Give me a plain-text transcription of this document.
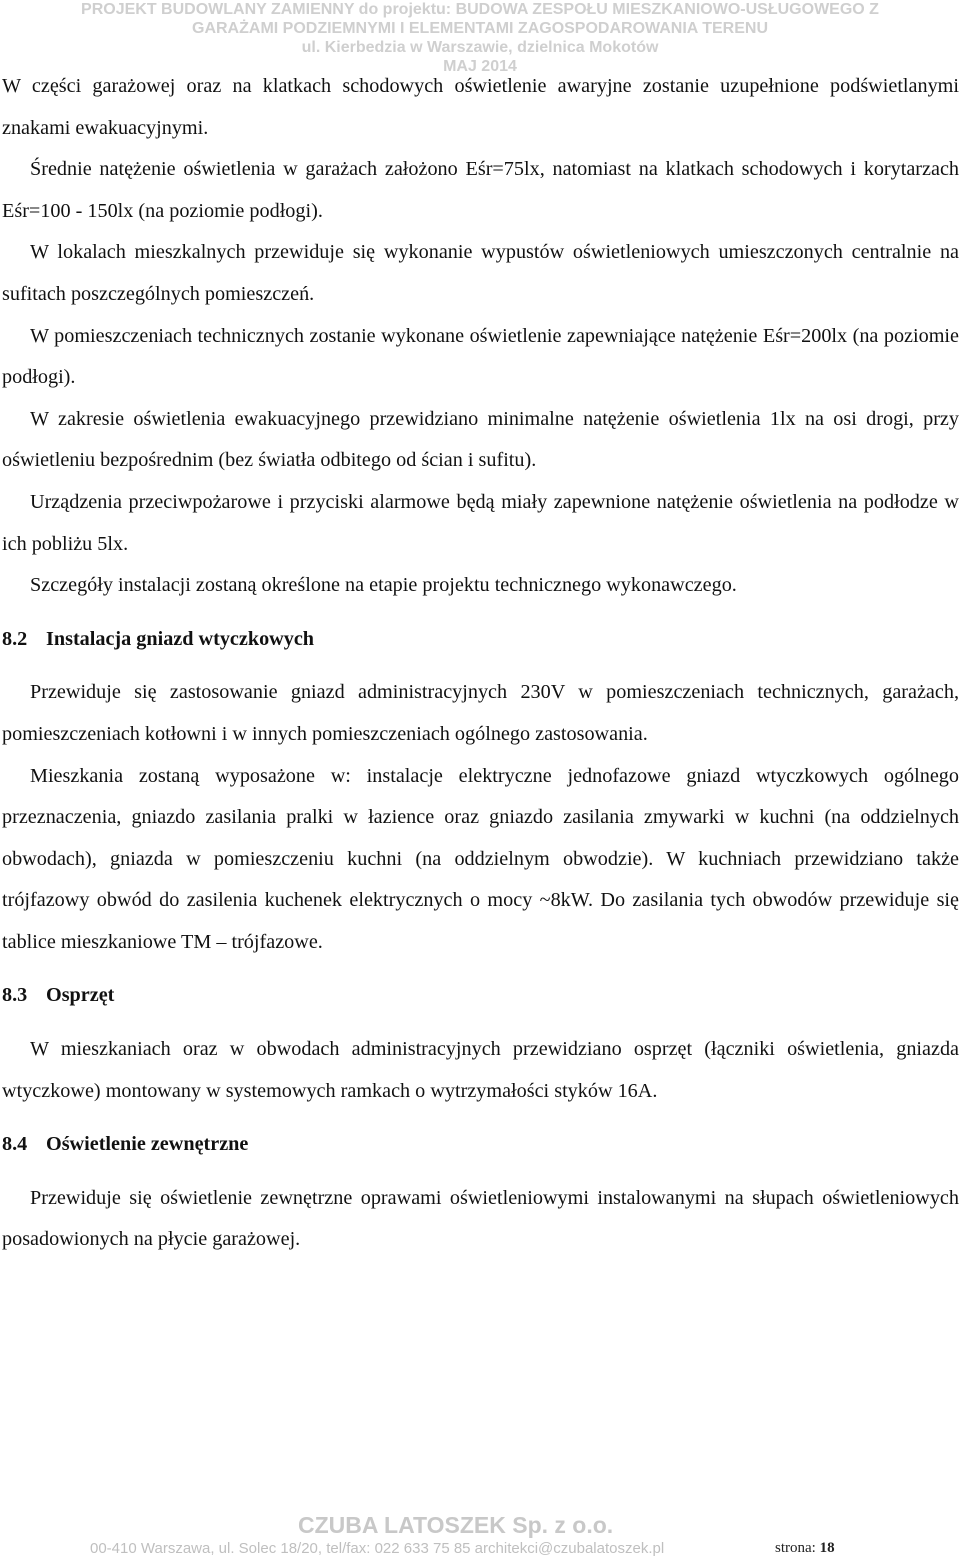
PROJEKT BUDOWLANY ZAMIENNY do projektu: BUDOWA ZESPOŁU MIESZKANIOWO-USŁUGOWEGO Z
GARAŻAMI PODZIEMNYMI I ELEMENTAMI ZAGOSPODAROWANIA TERENU
ul. Kierbedzia w Warszawie, dzielnica Mokotów
MAJ 2014

W części garażowej oraz na klatkach schodowych oświetlenie awaryjne zostanie uzupełnione podświetlanymi znakami ewakuacyjnymi.

Średnie natężenie oświetlenia w garażach założono Eśr=75lx, natomiast na klatkach schodowych i korytarzach Eśr=100 - 150lx (na poziomie podłogi).

W lokalach mieszkalnych przewiduje się wykonanie wypustów oświetleniowych umieszczonych centralnie na sufitach poszczególnych pomieszczeń.

W pomieszczeniach technicznych zostanie wykonane oświetlenie zapewniające natężenie Eśr=200lx (na poziomie podłogi).

W zakresie oświetlenia ewakuacyjnego przewidziano minimalne natężenie oświetlenia 1lx na osi drogi, przy oświetleniu bezpośrednim (bez światła odbitego od ścian i sufitu).

Urządzenia przeciwpożarowe i przyciski alarmowe będą miały zapewnione natężenie oświetlenia na podłodze w ich pobliżu 5lx.

Szczegóły instalacji zostaną określone na etapie projektu technicznego wykonawczego.

8.2 Instalacja gniazd wtyczkowych

Przewiduje się zastosowanie gniazd administracyjnych 230V w pomieszczeniach technicznych, garażach, pomieszczeniach kotłowni i w innych pomieszczeniach ogólnego zastosowania.

Mieszkania zostaną wyposażone w: instalacje elektryczne jednofazowe gniazd wtyczkowych ogólnego przeznaczenia, gniazdo zasilania pralki w łazience oraz gniazdo zasilania zmywarki w kuchni (na oddzielnych obwodach), gniazda w pomieszczeniu kuchni (na oddzielnym obwodzie). W kuchniach przewidziano także trójfazowy obwód do zasilenia kuchenek elektrycznych o mocy ~8kW. Do zasilania tych obwodów przewiduje się tablice mieszkaniowe TM – trójfazowe.

8.3 Osprzęt

W mieszkaniach oraz w obwodach administracyjnych przewidziano osprzęt (łączniki oświetlenia, gniazda wtyczkowe) montowany w systemowych ramkach o wytrzymałości styków 16A.

8.4 Oświetlenie zewnętrzne

Przewiduje się oświetlenie zewnętrzne oprawami oświetleniowymi instalowanymi na słupach oświetleniowych posadowionych na płycie garażowej.

CZUBA LATOSZEK Sp. z o.o.
00-410 Warszawa, ul. Solec 18/20, tel/fax: 022 633 75 85 architekci@czubalatoszek.pl	strona: 18
